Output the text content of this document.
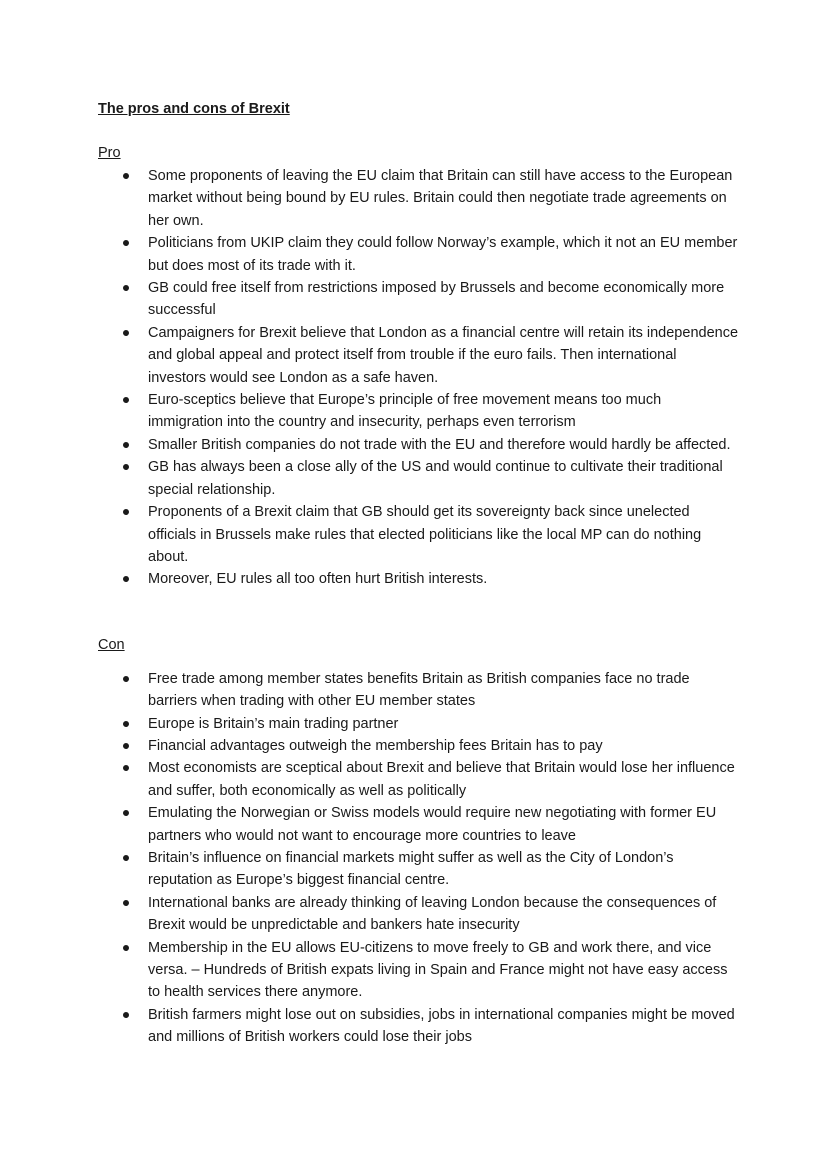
The pros and cons of Brexit
Pro
Some proponents of leaving the EU claim that Britain can still have access to the European market without being bound by EU rules. Britain could then negotiate trade agreements on her own.
Politicians from UKIP claim they could follow Norway’s example, which it not an EU member but does most of its trade with it.
GB could free itself from restrictions imposed by Brussels and become economically more successful
Campaigners for Brexit believe that London as a financial centre will retain its independence and global appeal and protect itself from trouble if the euro fails. Then international investors would see London as a safe haven.
Euro-sceptics believe that Europe’s principle of free movement means too much immigration into the country and insecurity, perhaps even terrorism
Smaller British companies do not trade with the EU and therefore would hardly be affected.
GB has always been a close ally of the US and would continue to cultivate their traditional special relationship.
Proponents of a Brexit claim that GB should get its sovereignty back since unelected officials in Brussels make rules that elected politicians like the local MP can do nothing about.
Moreover, EU rules all too often hurt British interests.
Con
Free trade among member states benefits Britain as British companies face no trade barriers when trading with other EU member states
Europe is Britain’s main trading partner
Financial advantages outweigh the membership fees Britain has to pay
Most economists are sceptical about Brexit and believe that Britain would lose her influence and suffer, both economically as well as politically
Emulating the Norwegian or Swiss models would require new negotiating with former EU partners who would not want to encourage more countries to leave
Britain’s influence on financial markets might suffer as well as the City of London’s reputation as Europe’s biggest financial centre.
International banks are already thinking of leaving London because the consequences of Brexit would be unpredictable and bankers hate insecurity
Membership in the EU allows EU-citizens to move freely to GB and work there, and vice versa. – Hundreds of British expats living in Spain and France might not have easy access to health services there anymore.
British farmers might lose out on subsidies, jobs in international companies might be moved and millions of British workers could lose their jobs
